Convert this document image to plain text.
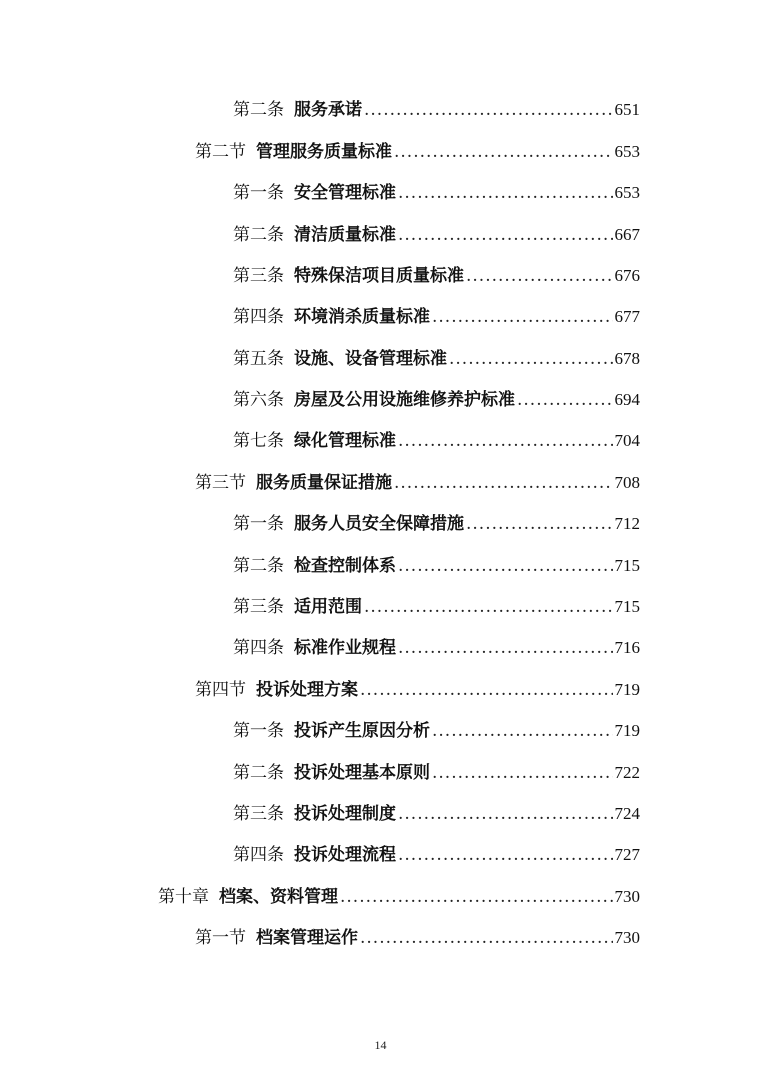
第二条 服务承诺 .....	651
第二节 管理服务质量标准 .....	653
第一条 安全管理标准 .....	653
第二条 清洁质量标准 .....	667
第三条 特殊保洁项目质量标准 .....	676
第四条 环境消杀质量标准 .....	677
第五条 设施、设备管理标准 .....	678
第六条 房屋及公用设施维修养护标准 .....	694
第七条 绿化管理标准 .....	704
第三节 服务质量保证措施 .....	708
第一条 服务人员安全保障措施 .....	712
第二条 检查控制体系 .....	715
第三条 适用范围 .....	715
第四条 标准作业规程 .....	716
第四节 投诉处理方案 .....	719
第一条 投诉产生原因分析 .....	719
第二条 投诉处理基本原则 .....	722
第三条 投诉处理制度 .....	724
第四条 投诉处理流程 .....	727
第十章 档案、资料管理 .....	730
第一节 档案管理运作 .....	730
14
